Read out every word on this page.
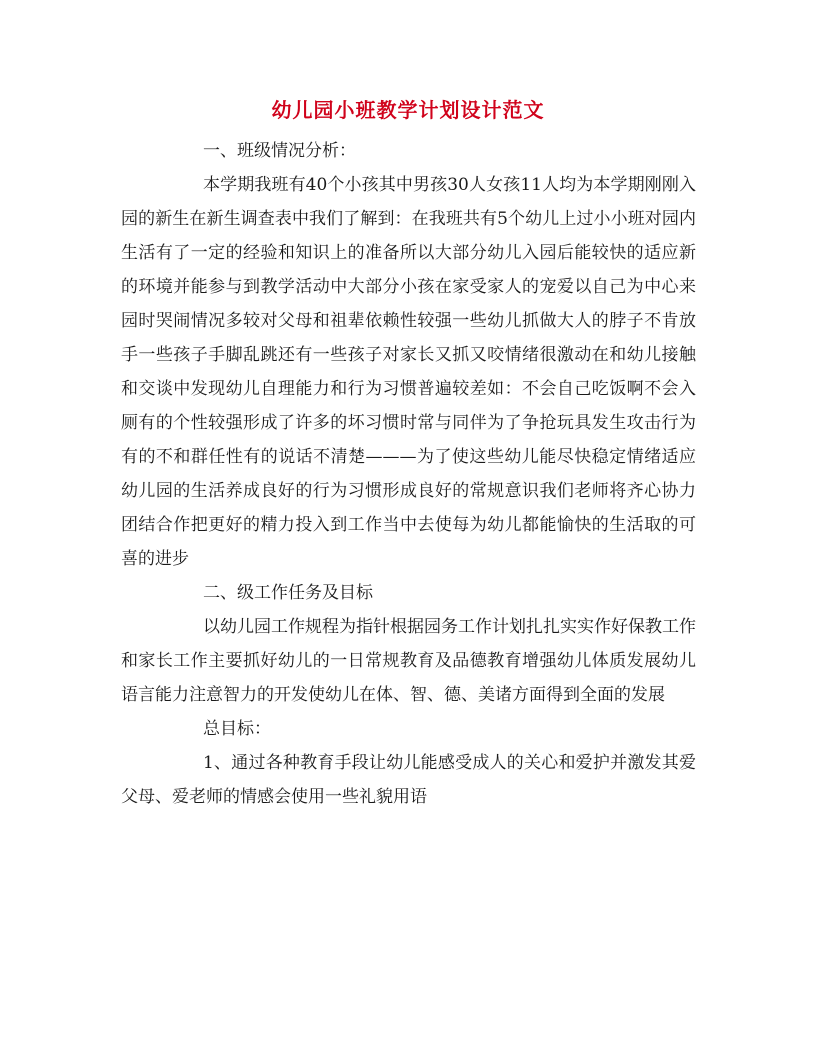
幼儿园小班教学计划设计范文

一、班级情况分析：

本学期我班有40个小孩其中男孩30人女孩11人均为本学期刚刚入园的新生在新生调查表中我们了解到：在我班共有5个幼儿上过小小班对园内生活有了一定的经验和知识上的准备所以大部分幼儿入园后能较快的适应新的环境并能参与到教学活动中大部分小孩在家受家人的宠爱以自己为中心来园时哭闹情况多较对父母和祖辈依赖性较强一些幼儿抓做大人的脖子不肯放手一些孩子手脚乱跳还有一些孩子对家长又抓又咬情绪很激动在和幼儿接触和交谈中发现幼儿自理能力和行为习惯普遍较差如：不会自己吃饭啊不会入厕有的个性较强形成了许多的坏习惯时常与同伴为了争抢玩具发生攻击行为有的不和群任性有的说话不清楚———为了使这些幼儿能尽快稳定情绪适应幼儿园的生活养成良好的行为习惯形成良好的常规意识我们老师将齐心协力团结合作把更好的精力投入到工作当中去使每为幼儿都能愉快的生活取的可喜的进步

二、级工作任务及目标

以幼儿园工作规程为指针根据园务工作计划扎扎实实作好保教工作和家长工作主要抓好幼儿的一日常规教育及品德教育增强幼儿体质发展幼儿语言能力注意智力的开发使幼儿在体、智、德、美诸方面得到全面的发展

总目标：

1、通过各种教育手段让幼儿能感受成人的关心和爱护并激发其爱父母、爱老师的情感会使用一些礼貌用语
